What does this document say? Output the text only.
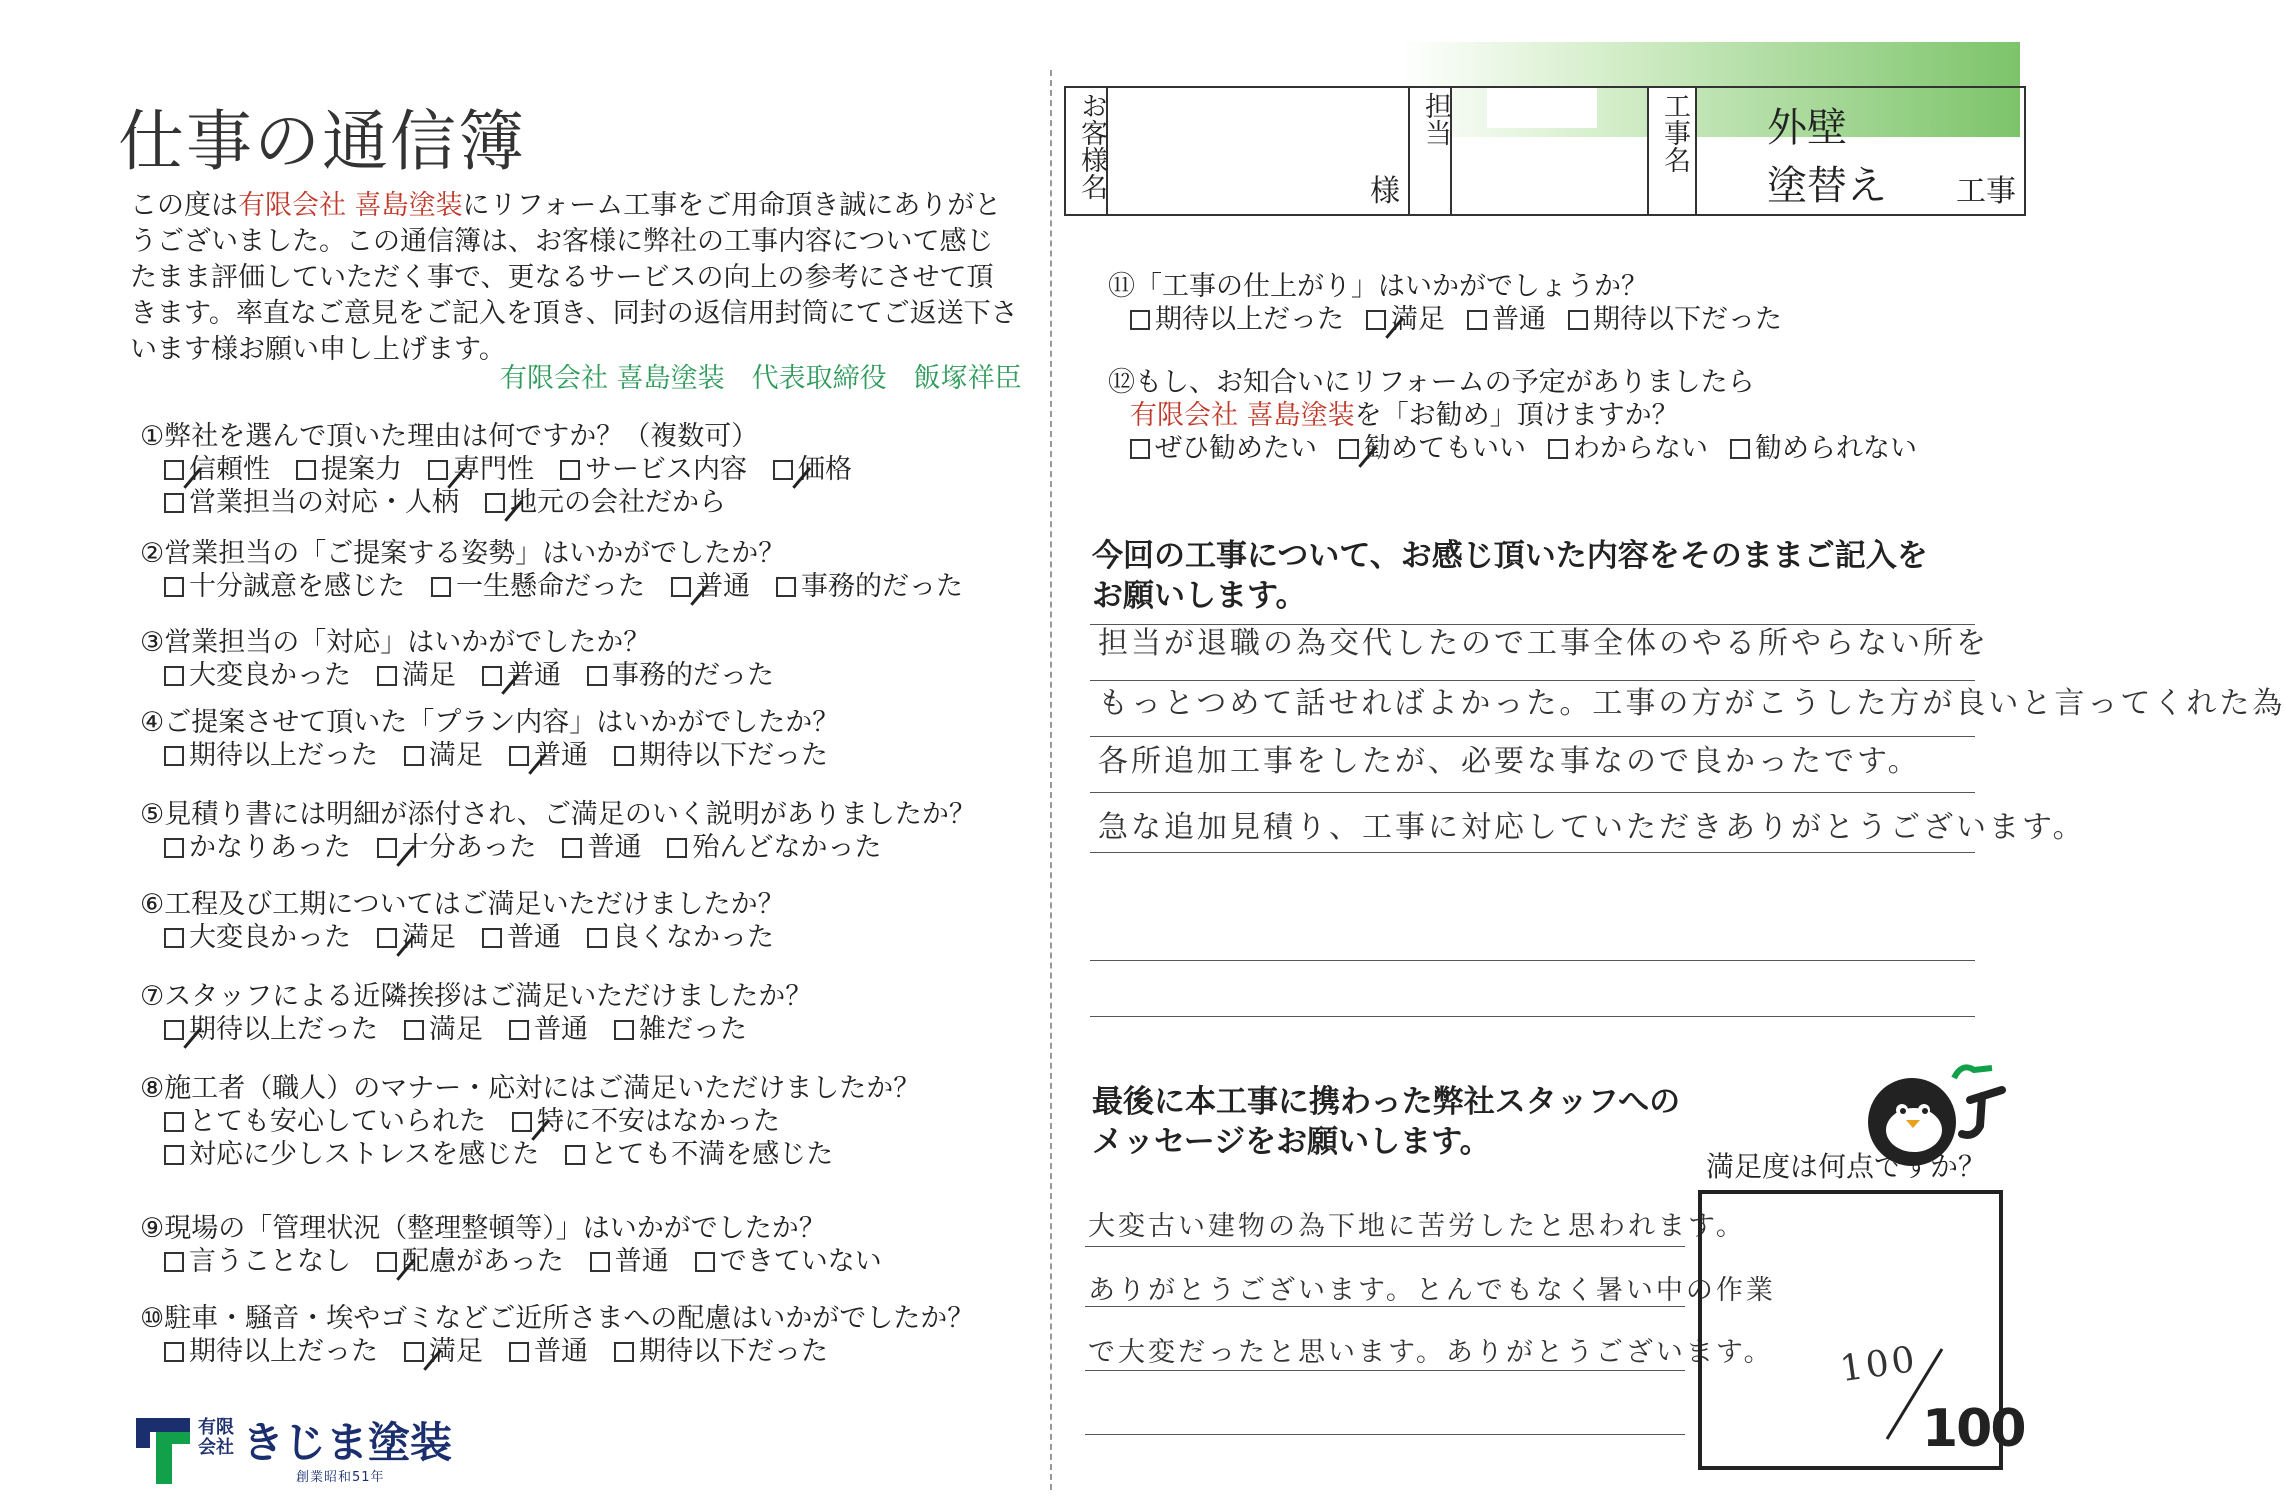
仕事の通信簿
この度は有限会社 喜島塗装にリフォーム工事をご用命頂き誠にありがとうございました。この通信簿は、お客様に弊社の工事内容について感じたまま評価していただく事で、更なるサービスの向上の参考にさせて頂きます。率直なご意見をご記入を頂き、同封の返信用封筒にてご返送下さいます様お願い申し上げます。
有限会社 喜島塗装　代表取締役　飯塚祥臣
①弊社を選んで頂いた理由は何ですか？（複数可）
信頼性 提案力 専門性 サービス内容 価格
営業担当の対応・人柄 地元の会社だから
②営業担当の「ご提案する姿勢」はいかがでしたか？
十分誠意を感じた 一生懸命だった 普通 事務的だった
③営業担当の「対応」はいかがでしたか？
大変良かった 満足 普通 事務的だった
④ご提案させて頂いた「プラン内容」はいかがでしたか？
期待以上だった 満足 普通 期待以下だった
⑤見積り書には明細が添付され、ご満足のいく説明がありましたか？
かなりあった 十分あった 普通 殆んどなかった
⑥工程及び工期についてはご満足いただけましたか？
大変良かった 満足 普通 良くなかった
⑦スタッフによる近隣挨拶はご満足いただけましたか？
期待以上だった 満足 普通 雑だった
⑧施工者（職人）のマナー・応対にはご満足いただけましたか？
とても安心していられた 特に不安はなかった
対応に少しストレスを感じた とても不満を感じた
⑨現場の「管理状況（整理整頓等）」はいかがでしたか？
言うことなし 配慮があった 普通 できていない
⑩駐車・騒音・埃やゴミなどご近所さまへの配慮はいかがでしたか？
期待以上だった 満足 普通 期待以下だった
お客様名	様
担当	工事名 外壁
塗替え 工事
⑪「工事の仕上がり」はいかがでしょうか？
期待以上だった 満足 普通 期待以下だった
⑫もし、お知合いにリフォームの予定がありましたら
有限会社 喜島塗装を「お勧め」頂けますか？
ぜひ勧めたい 勧めてもいい わからない 勧められない
今回の工事について、お感じ頂いた内容をそのままご記入を
お願いします。
担当が退職の為交代したので工事全体のやる所やらない所を
もっとつめて話せればよかった。工事の方がこうした方が良いと言ってくれた為
各所追加工事をしたが、必要な事なので良かったです。
急な追加見積り、工事に対応していただきありがとうございます。
最後に本工事に携わった弊社スタッフへの
メッセージをお願いします。
大変古い建物の為下地に苦労したと思われます。
ありがとうございます。とんでもなく暑い中の作業
で大変だったと思います。ありがとうございます。
満足度は何点ですか？
100
100
有限
会社 きじま塗装
創業昭和51年
